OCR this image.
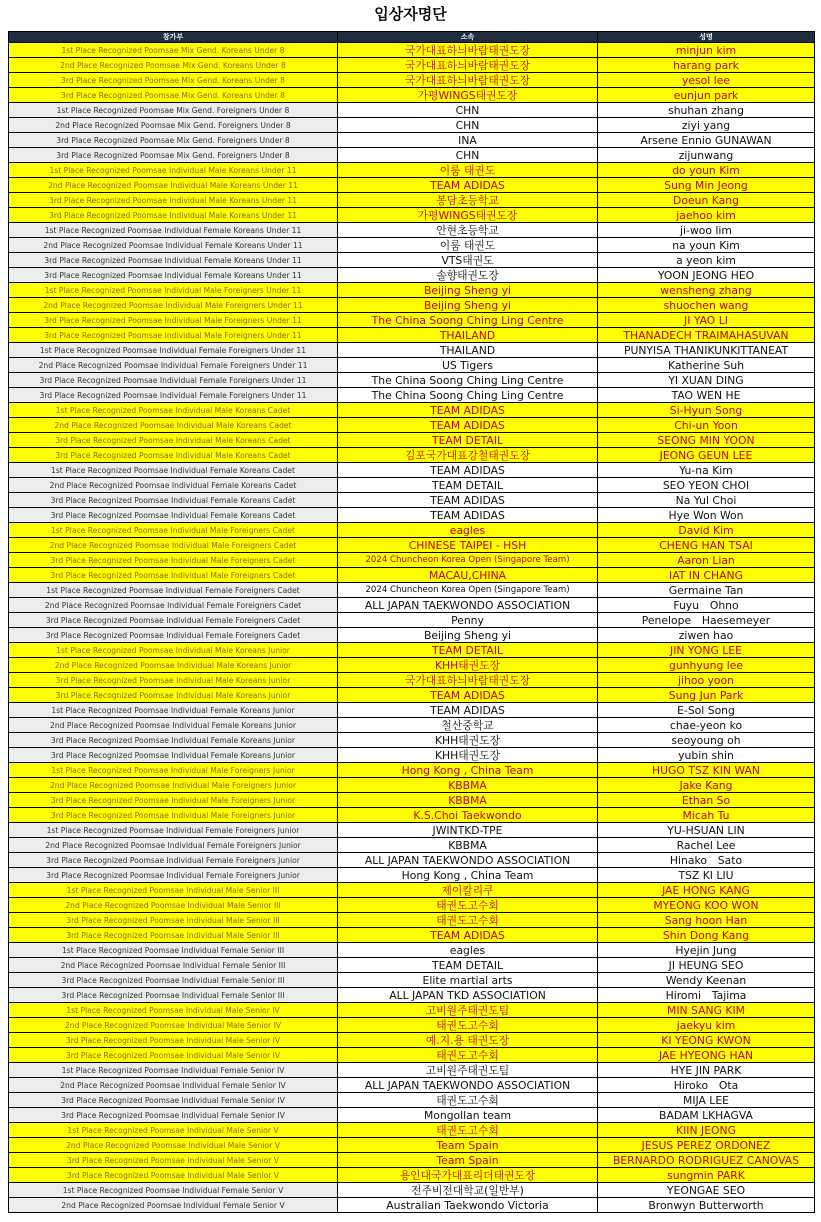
입상자명단
참가부	소속	성명
1st Place Recognized Poomsae Mix Gend. Koreans Under 8	국가대표하늬바람태권도장	minjun kim
2nd Place Recognized Poomsae Mix Gend. Koreans Under 8	국가대표하늬바람태권도장	harang park
3rd Place Recognized Poomsae Mix Gend. Koreans Under 8	국가대표하늬바람태권도장	yesol lee
3rd Place Recognized Poomsae Mix Gend. Koreans Under 8	가평WINGS태권도장	eunjun park
1st Place Recognized Poomsae Mix Gend. Foreigners Under 8	CHN	shuhan zhang
2nd Place Recognized Poomsae Mix Gend. Foreigners Under 8	CHN	ziyi yang
3rd Place Recognized Poomsae Mix Gend. Foreigners Under 8	INA	Arsene Ennio GUNAWAN
3rd Place Recognized Poomsae Mix Gend. Foreigners Under 8	CHN	zijunwang
1st Place Recognized Poomsae Individual Male Koreans Under 11	이룸 태권도	do youn Kim
2nd Place Recognized Poomsae Individual Male Koreans Under 11	TEAM ADIDAS	Sung Min Jeong
3rd Place Recognized Poomsae Individual Male Koreans Under 11	봉담초등학교	Doeun Kang
3rd Place Recognized Poomsae Individual Male Koreans Under 11	가평WINGS태권도장	jaehoo kim
1st Place Recognized Poomsae Individual Female Koreans Under 11	안현초등학교	ji-woo lim
2nd Place Recognized Poomsae Individual Female Koreans Under 11	이룸 태권도	na youn Kim
3rd Place Recognized Poomsae Individual Female Koreans Under 11	VTS태권도	a yeon kim
3rd Place Recognized Poomsae Individual Female Koreans Under 11	솔향태권도장	YOON JEONG HEO
1st Place Recognized Poomsae Individual Male Foreigners Under 11	Beijing Sheng yi	wensheng zhang
2nd Place Recognized Poomsae Individual Male Foreigners Under 11	Beijing Sheng yi	shuochen wang
3rd Place Recognized Poomsae Individual Male Foreigners Under 11	The China Soong Ching Ling Centre	JI YAO LI
3rd Place Recognized Poomsae Individual Male Foreigners Under 11	THAILAND	THANADECH TRAIMAHASUVAN
1st Place Recognized Poomsae Individual Female Foreigners Under 11	THAILAND	PUNYISA THANIKUNKITTANEAT
2nd Place Recognized Poomsae Individual Female Foreigners Under 11	US Tigers	Katherine Suh
3rd Place Recognized Poomsae Individual Female Foreigners Under 11	The China Soong Ching Ling Centre	YI XUAN DING
3rd Place Recognized Poomsae Individual Female Foreigners Under 11	The China Soong Ching Ling Centre	TAO WEN HE
1st Place Recognized Poomsae Individual Male Koreans Cadet	TEAM ADIDAS	Si-Hyun Song
2nd Place Recognized Poomsae Individual Male Koreans Cadet	TEAM ADIDAS	Chi-un Yoon
3rd Place Recognized Poomsae Individual Male Koreans Cadet	TEAM DETAIL	SEONG MIN YOON
3rd Place Recognized Poomsae Individual Male Koreans Cadet	김포국가대표강철태권도장	JEONG GEUN LEE
1st Place Recognized Poomsae Individual Female Koreans Cadet	TEAM ADIDAS	Yu-na Kim
2nd Place Recognized Poomsae Individual Female Koreans Cadet	TEAM DETAIL	SEO YEON CHOI
3rd Place Recognized Poomsae Individual Female Koreans Cadet	TEAM ADIDAS	Na Yul Choi
3rd Place Recognized Poomsae Individual Female Koreans Cadet	TEAM ADIDAS	Hye Won Won
1st Place Recognized Poomsae Individual Male Foreigners Cadet	eagles	David Kim
2nd Place Recognized Poomsae Individual Male Foreigners Cadet	CHINESE TAIPEI - HSH	CHENG HAN TSAI
3rd Place Recognized Poomsae Individual Male Foreigners Cadet	2024 Chuncheon Korea Open (Singapore Team)	Aaron Lian
3rd Place Recognized Poomsae Individual Male Foreigners Cadet	MACAU,CHINA	IAT IN CHANG
1st Place Recognized Poomsae Individual Female Foreigners Cadet	2024 Chuncheon Korea Open (Singapore Team)	Germaine Tan
2nd Place Recognized Poomsae Individual Female Foreigners Cadet	ALL JAPAN TAEKWONDO ASSOCIATION	Fuyu　Ohno
3rd Place Recognized Poomsae Individual Female Foreigners Cadet	Penny	Penelope　Haesemeyer
3rd Place Recognized Poomsae Individual Female Foreigners Cadet	Beijing Sheng yi	ziwen hao
1st Place Recognized Poomsae Individual Male Koreans Junior	TEAM DETAIL	JIN YONG LEE
2nd Place Recognized Poomsae Individual Male Koreans Junior	KHH태권도장	gunhyung lee
3rd Place Recognized Poomsae Individual Male Koreans Junior	국가대표하늬바람태권도장	jihoo yoon
3rd Place Recognized Poomsae Individual Male Koreans Junior	TEAM ADIDAS	Sung Jun Park
1st Place Recognized Poomsae Individual Female Koreans Junior	TEAM ADIDAS	E-Sol Song
2nd Place Recognized Poomsae Individual Female Koreans Junior	철산중학교	chae-yeon ko
3rd Place Recognized Poomsae Individual Female Koreans Junior	KHH태권도장	seoyoung oh
3rd Place Recognized Poomsae Individual Female Koreans Junior	KHH태권도장	yubin shin
1st Place Recognized Poomsae Individual Male Foreigners Junior	Hong Kong , China Team	HUGO TSZ KIN WAN
2nd Place Recognized Poomsae Individual Male Foreigners Junior	KBBMA	Jake Kang
3rd Place Recognized Poomsae Individual Male Foreigners Junior	KBBMA	Ethan So
3rd Place Recognized Poomsae Individual Male Foreigners Junior	K.S.Choi Taekwondo	Micah Tu
1st Place Recognized Poomsae Individual Female Foreigners Junior	JWINTKD-TPE	YU-HSUAN LIN
2nd Place Recognized Poomsae Individual Female Foreigners Junior	KBBMA	Rachel Lee
3rd Place Recognized Poomsae Individual Female Foreigners Junior	ALL JAPAN TAEKWONDO ASSOCIATION	Hinako　Sato
3rd Place Recognized Poomsae Individual Female Foreigners Junior	Hong Kong , China Team	TSZ KI LIU
1st Place Recognized Poomsae Individual Male Senior III	제이칼리쿠	JAE HONG KANG
2nd Place Recognized Poomsae Individual Male Senior III	태권도고수회	MYEONG KOO WON
3rd Place Recognized Poomsae Individual Male Senior III	태권도고수회	Sang hoon Han
3rd Place Recognized Poomsae Individual Male Senior III	TEAM ADIDAS	Shin Dong Kang
1st Place Recognized Poomsae Individual Female Senior III	eagles	Hyejin Jung
2nd Place Recognized Poomsae Individual Female Senior III	TEAM DETAIL	JI HEUNG SEO
3rd Place Recognized Poomsae Individual Female Senior III	Elite martial arts	Wendy Keenan
3rd Place Recognized Poomsae Individual Female Senior III	ALL JAPAN TKD ASSOCIATION	Hiromi　Tajima
1st Place Recognized Poomsae Individual Male Senior IV	고비원주태권도팀	MIN SANG KIM
2nd Place Recognized Poomsae Individual Male Senior IV	태권도고수회	jaekyu kim
3rd Place Recognized Poomsae Individual Male Senior IV	예.지.용 태권도장	KI YEONG KWON
3rd Place Recognized Poomsae Individual Male Senior IV	태권도고수회	JAE HYEONG HAN
1st Place Recognized Poomsae Individual Female Senior IV	고비원주태권도팀	HYE JIN PARK
2nd Place Recognized Poomsae Individual Female Senior IV	ALL JAPAN TAEKWONDO ASSOCIATION	Hiroko　Ota
3rd Place Recognized Poomsae Individual Female Senior IV	태권도고수회	MIJA LEE
3rd Place Recognized Poomsae Individual Female Senior IV	Mongollan team	BADAM LKHAGVA
1st Place Recognized Poomsae Individual Male Senior V	태권도고수회	KIIN JEONG
2nd Place Recognized Poomsae Individual Male Senior V	Team Spain	JESUS PEREZ ORDONEZ
3rd Place Recognized Poomsae Individual Male Senior V	Team Spain	BERNARDO RODRIGUEZ CANOVAS
3rd Place Recognized Poomsae Individual Male Senior V	용인대국가대표리더태권도장	sungmin PARK
1st Place Recognized Poomsae Individual Female Senior V	전주비전대학교(일반부)	YEONGAE SEO
2nd Place Recognized Poomsae Individual Female Senior V	Australian Taekwondo Victoria	Bronwyn Butterworth
